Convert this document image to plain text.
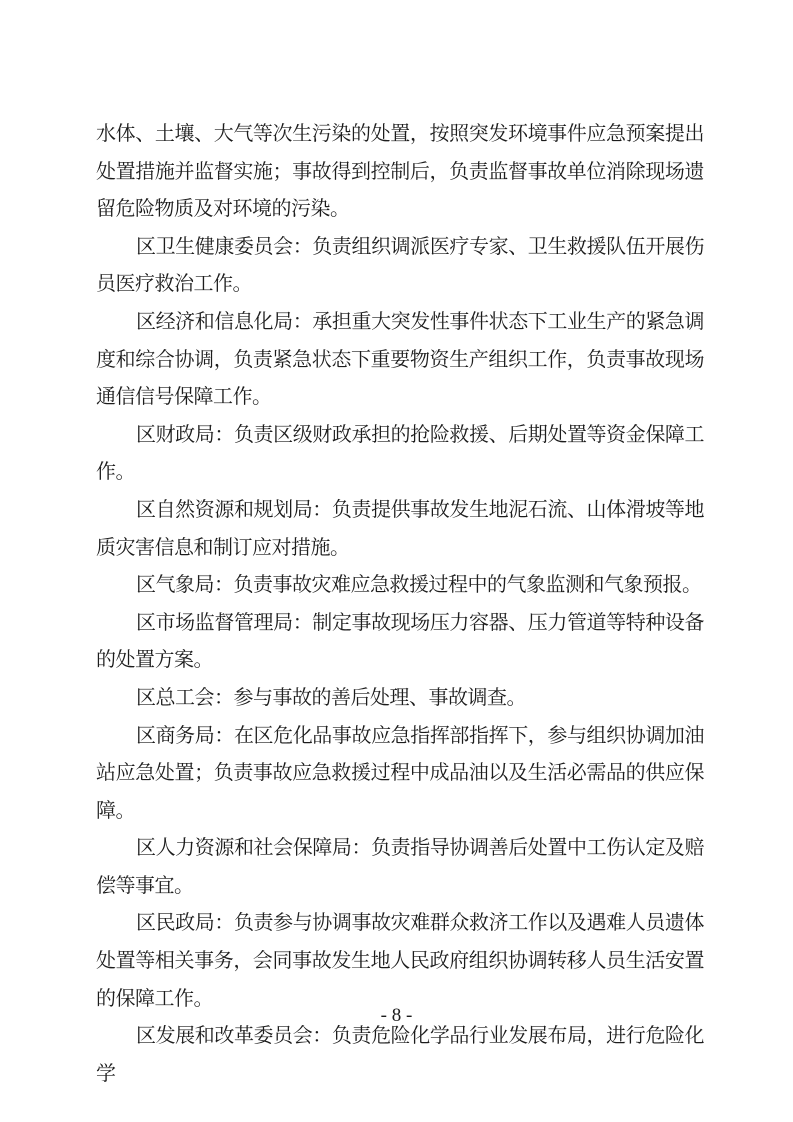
水体、土壤、大气等次生污染的处置，按照突发环境事件应急预案提出处置措施并监督实施；事故得到控制后，负责监督事故单位消除现场遗留危险物质及对环境的污染。

区卫生健康委员会：负责组织调派医疗专家、卫生救援队伍开展伤员医疗救治工作。

区经济和信息化局：承担重大突发性事件状态下工业生产的紧急调度和综合协调，负责紧急状态下重要物资生产组织工作，负责事故现场通信信号保障工作。

区财政局：负责区级财政承担的抢险救援、后期处置等资金保障工作。

区自然资源和规划局：负责提供事故发生地泥石流、山体滑坡等地质灾害信息和制订应对措施。

区气象局：负责事故灾难应急救援过程中的气象监测和气象预报。

区市场监督管理局：制定事故现场压力容器、压力管道等特种设备的处置方案。

区总工会：参与事故的善后处理、事故调查。

区商务局：在区危化品事故应急指挥部指挥下，参与组织协调加油站应急处置；负责事故应急救援过程中成品油以及生活必需品的供应保障。

区人力资源和社会保障局：负责指导协调善后处置中工伤认定及赔偿等事宜。

区民政局：负责参与协调事故灾难群众救济工作以及遇难人员遗体处置等相关事务，会同事故发生地人民政府组织协调转移人员生活安置的保障工作。

区发展和改革委员会：负责危险化学品行业发展布局，进行危险化学

- 8 -
